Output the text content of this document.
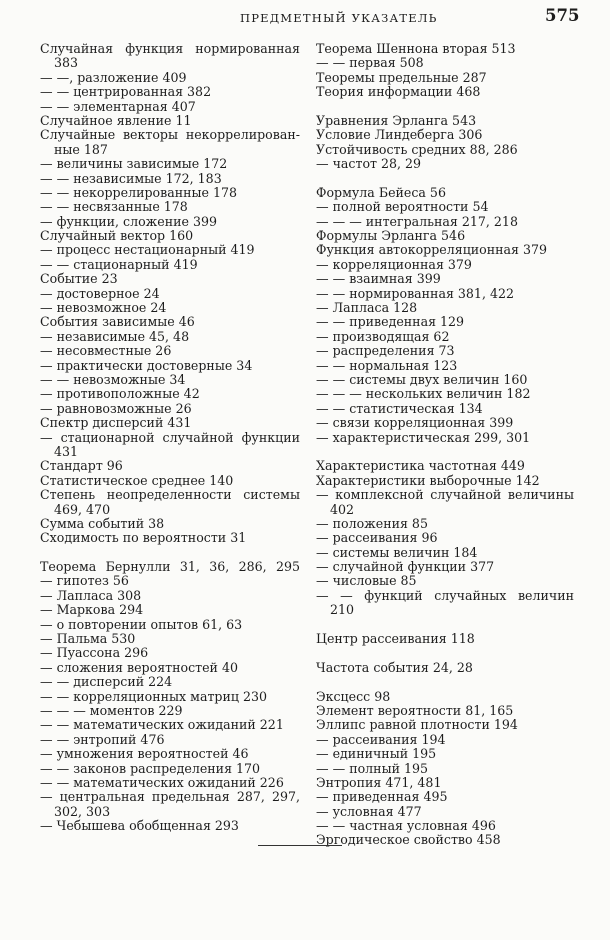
ПРЕДМЕТНЫЙ УКАЗАТЕЛЬ	575
Случайная функция нормированная
383
— —, разложение 409
— — центрированная 382
— — элементарная 407
Случайное явление 11
Случайные векторы некоррелирован-
ные 187
— величины зависимые 172
— — независимые 172, 183
— — некоррелированные 178
— — несвязанные 178
— функции, сложение 399
Случайный вектор 160
— процесс нестационарный 419
— — стационарный 419
Событие 23
— достоверное 24
— невозможное 24
События зависимые 46
— независимые 45, 48
— несовместные 26
— практически достоверные 34
— — невозможные 34
— противоположные 42
— равновозможные 26
Спектр дисперсий 431
— стационарной случайной функции
431
Стандарт 96
Статистическое среднее 140
Степень неопределенности системы
469, 470
Сумма событий 38
Сходимость по вероятности 31
Теорема Бернулли 31, 36, 286, 295
— гипотез 56
— Лапласа 308
— Маркова 294
— о повторении опытов 61, 63
— Пальма 530
— Пуассона 296
— сложения вероятностей 40
— — дисперсий 224
— — корреляционных матриц 230
— — — моментов 229
— — математических ожиданий 221
— — энтропий 476
— умножения вероятностей 46
— — законов распределения 170
— — математических ожиданий 226
— центральная предельная 287, 297,
302, 303
— Чебышева обобщенная 293
Теорема Шеннона вторая 513
— — первая 508
Теоремы предельные 287
Теория информации 468
Уравнения Эрланга 543
Условие Линдеберга 306
Устойчивость средних 88, 286
— частот 28, 29
Формула Бейеса 56
— полной вероятности 54
— — — интегральная 217, 218
Формулы Эрланга 546
Функция автокорреляционная 379
— корреляционная 379
— — взаимная 399
— — нормированная 381, 422
— Лапласа 128
— — приведенная 129
— производящая 62
— распределения 73
— — нормальная 123
— — системы двух величин 160
— — — нескольких величин 182
— — статистическая 134
— связи корреляционная 399
— характеристическая 299, 301
Характеристика частотная 449
Характеристики выборочные 142
— комплексной случайной величины
402
— положения 85
— рассеивания 96
— системы величин 184
— случайной функции 377
— числовые 85
— — функций случайных величин
210
Центр рассеивания 118
Частота события 24, 28
Эксцесс 98
Элемент вероятности 81, 165
Эллипс равной плотности 194
— рассеивания 194
— единичный 195
— — полный 195
Энтропия 471, 481
— приведенная 495
— условная 477
— — частная условная 496
Эргодическое свойство 458
